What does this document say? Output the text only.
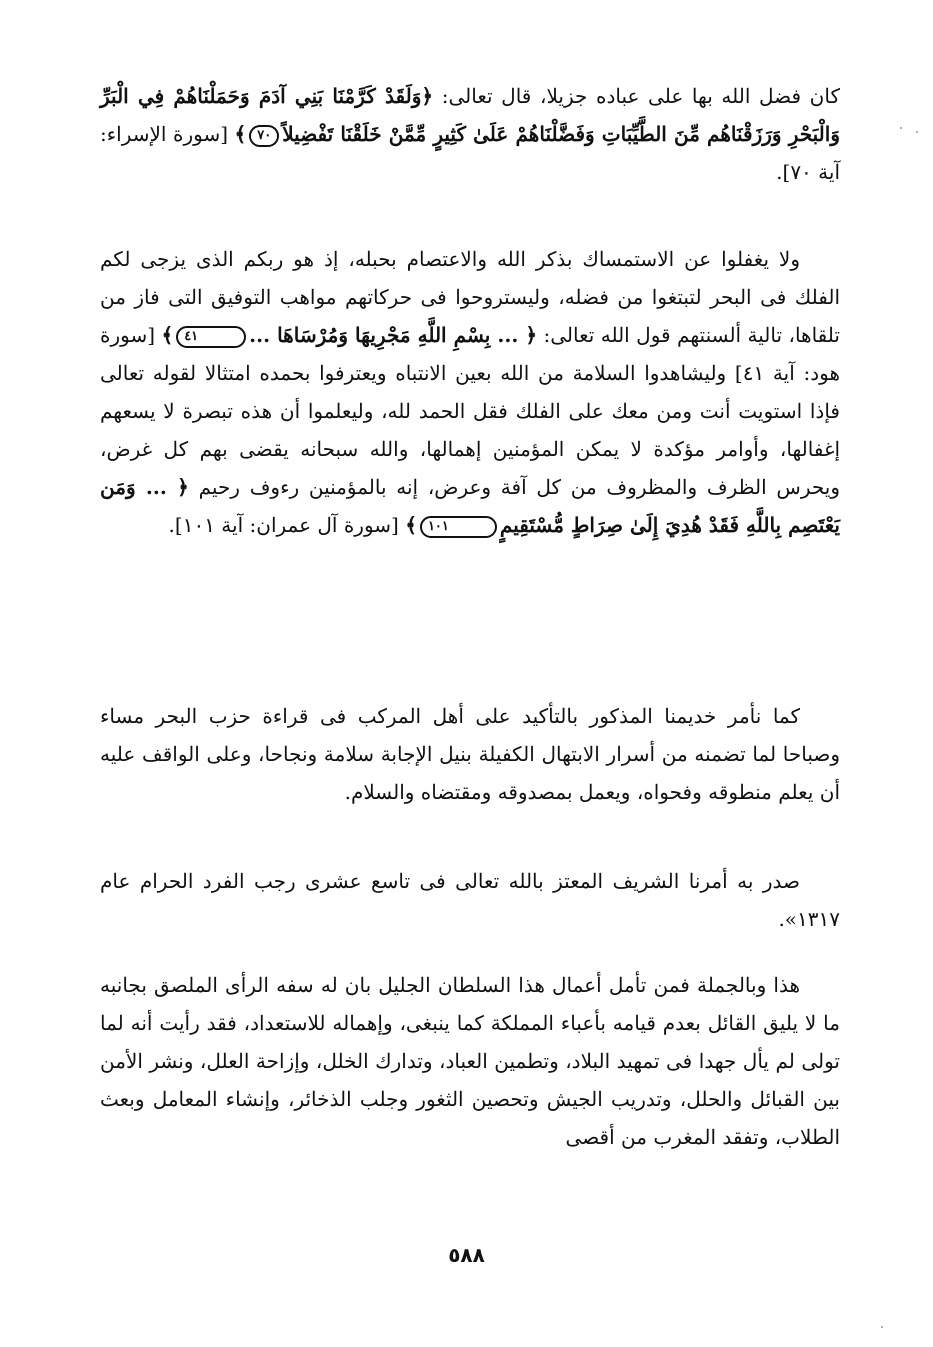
كان فضل الله بها على عباده جزيلا، قال تعالى: ﴿وَلَقَدْ كَرَّمْنَا بَنِي آدَمَ وَحَمَلْنَاهُمْ فِي الْبَرِّ وَالْبَحْرِ وَرَزَقْنَاهُم مِّنَ الطَّيِّبَاتِ وَفَضَّلْنَاهُمْ عَلَىٰ كَثِيرٍ مِّمَّنْ خَلَقْنَا تَفْضِيلاً٧٠﴾ [سورة الإسراء: آية ٧٠].

ولا يغفلوا عن الاستمساك بذكر الله والاعتصام بحبله، إذ هو ربكم الذى يزجى لكم الفلك فى البحر لتبتغوا من فضله، وليستروحوا فى حركاتهم مواهب التوفيق التى فاز من تلقاها، تالية ألسنتهم قول الله تعالى: ﴿ ... بِسْمِ اللَّهِ مَجْرِيهَا وَمُرْسَاهَا ...٤١﴾ [سورة هود: آية ٤١] وليشاهدوا السلامة من الله بعين الانتباه ويعترفوا بحمده امتثالا لقوله تعالى فإذا استويت أنت ومن معك على الفلك فقل الحمد لله، وليعلموا أن هذه تبصرة لا يسعهم إغفالها، وأوامر مؤكدة لا يمكن المؤمنين إهمالها، والله سبحانه يقضى بهم كل غرض، ويحرس الظرف والمظروف من كل آفة وعرض، إنه بالمؤمنين رءوف رحيم ﴿ ... وَمَن يَعْتَصِم بِاللَّهِ فَقَدْ هُدِيَ إِلَىٰ صِرَاطٍ مُّسْتَقِيمٍ١٠١﴾ [سورة آل عمران: آية ١٠١].

كما نأمر خديمنا المذكور بالتأكيد على أهل المركب فى قراءة حزب البحر مساء وصباحا لما تضمنه من أسرار الابتهال الكفيلة بنيل الإجابة سلامة ونجاحا، وعلى الواقف عليه أن يعلم منطوقه وفحواه، ويعمل بمصدوقه ومقتضاه والسلام.

صدر به أمرنا الشريف المعتز بالله تعالى فى تاسع عشرى رجب الفرد الحرام عام ١٣١٧».

هذا وبالجملة فمن تأمل أعمال هذا السلطان الجليل بان له سفه الرأى الملصق بجانبه ما لا يليق القائل بعدم قيامه بأعباء المملكة كما ينبغى، وإهماله للاستعداد، فقد رأيت أنه لما تولى لم يأل جهدا فى تمهيد البلاد، وتطمين العباد، وتدارك الخلل، وإزاحة العلل، ونشر الأمن بين القبائل والحلل، وتدريب الجيش وتحصين الثغور وجلب الذخائر، وإنشاء المعامل وبعث الطلاب، وتفقد المغرب من أقصى

٥٨٨
